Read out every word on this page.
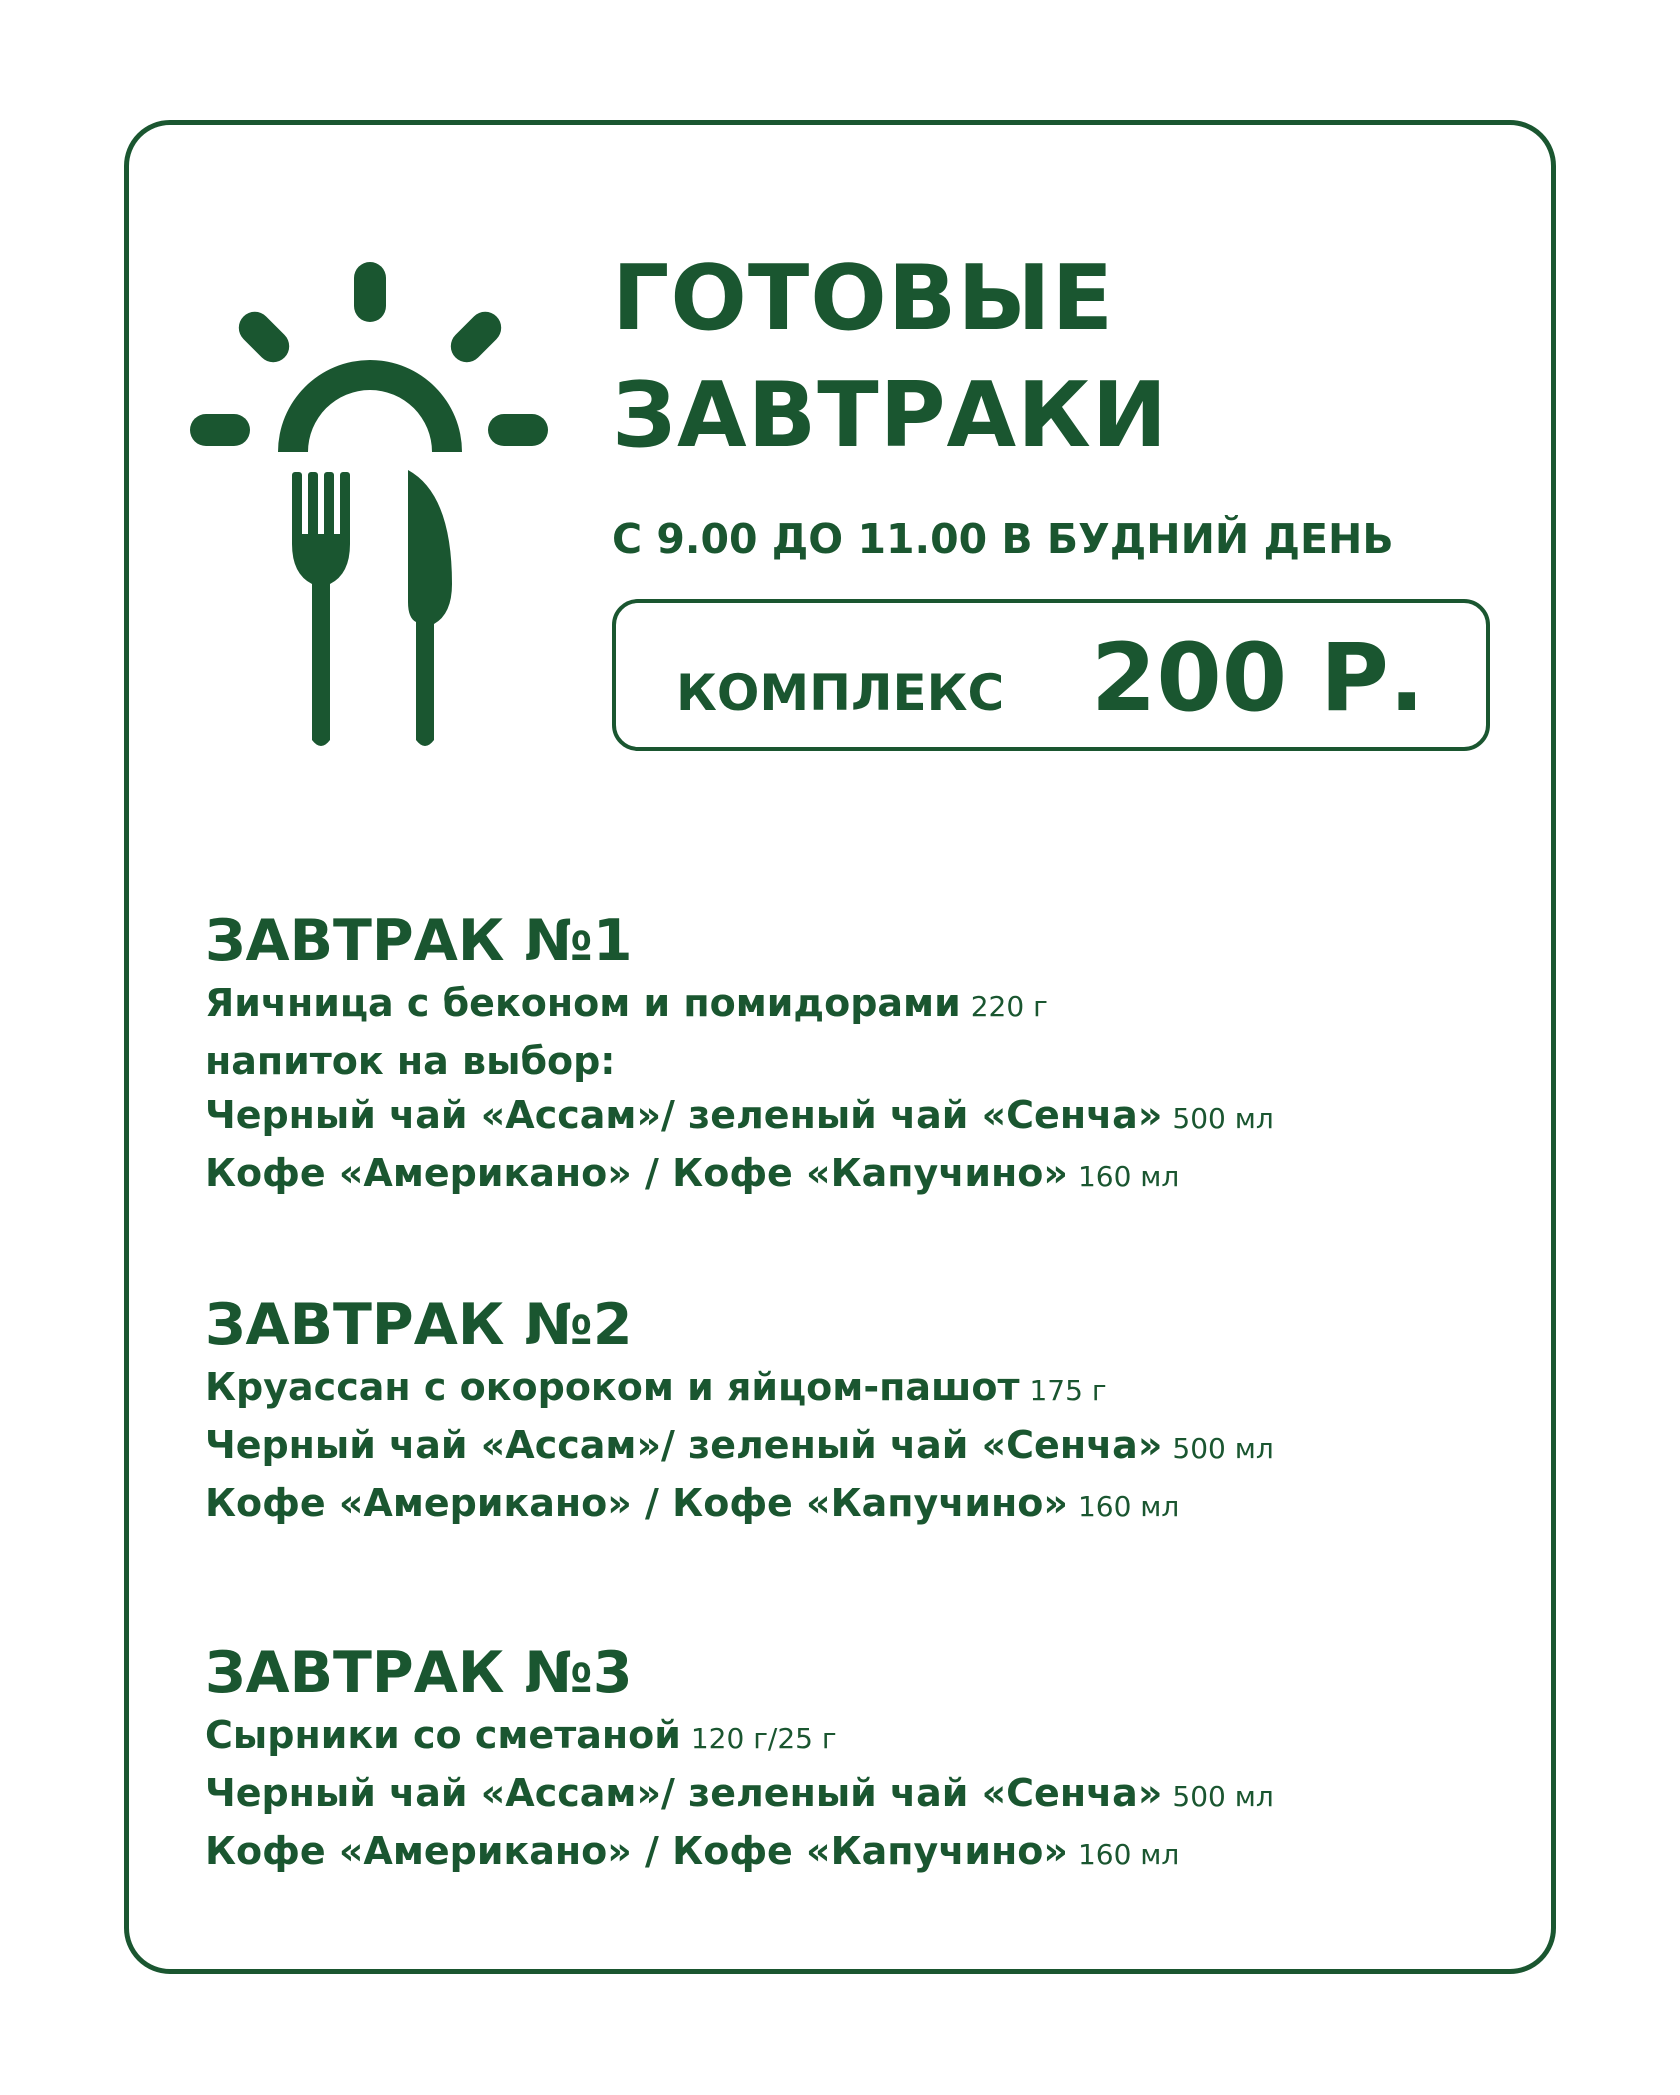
ГОТОВЫЕ
ЗАВТРАКИ
С 9.00 ДО 11.00 В БУДНИЙ ДЕНЬ
КОМПЛЕКС 200 Р.
ЗАВТРАК №1
Яичница с беконом и помидорами 220 г
напиток на выбор:
Черный чай «Ассам»/ зеленый чай «Сенча» 500 мл
Кофе «Американо» / Кофе «Капучино» 160 мл
ЗАВТРАК №2
Круассан с окороком и яйцом-пашот 175 г
Черный чай «Ассам»/ зеленый чай «Сенча» 500 мл
Кофе «Американо» / Кофе «Капучино» 160 мл
ЗАВТРАК №3
Сырники со сметаной 120 г/25 г
Черный чай «Ассам»/ зеленый чай «Сенча» 500 мл
Кофе «Американо» / Кофе «Капучино» 160 мл
